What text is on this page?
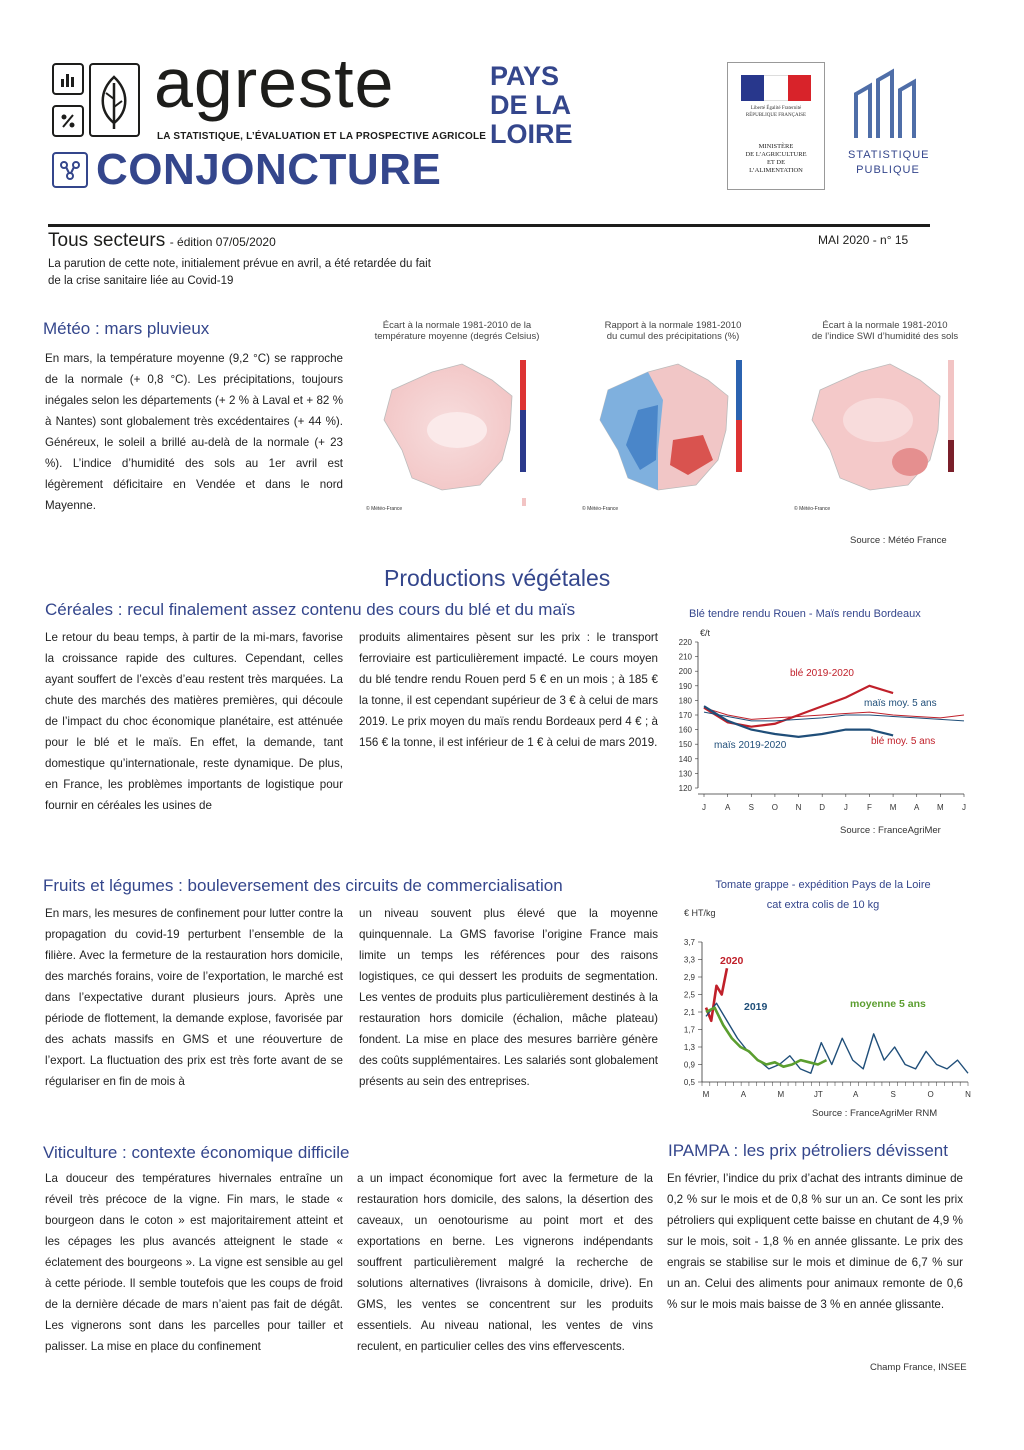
agreste
LA STATISTIQUE, L’ÉVALUATION ET LA PROSPECTIVE AGRICOLE
CONJONCTURE
PAYS
DE LA
LOIRE
Liberté Égalité Fraternité
RÉPUBLIQUE FRANÇAISE
MINISTÈRE
DE L’AGRICULTURE
ET DE
L’ALIMENTATION
STATISTIQUE
PUBLIQUE
Tous secteurs - édition 07/05/2020	MAI 2020 - n° 15
La parution de cette note, initialement prévue en avril, a été retardée du fait
de la crise sanitaire liée au Covid-19
Météo : mars pluvieux
En mars, la température moyenne (9,2 °C) se rapproche de la normale (+ 0,8 °C). Les précipitations, toujours inégales selon les départements (+ 2 % à Laval et + 82 % à Nantes) sont globalement très excédentaires (+ 44 %). Généreux, le soleil a brillé au-delà de la normale (+ 23 %). L’indice d’humidité des sols au 1er avril est légèrement déficitaire en Vendée et dans le nord Mayenne.
Écart à la normale 1981-2010 de la
température moyenne (degrés Celsius)
Rapport à la normale 1981-2010
du cumul des précipitations (%)
Écart à la normale 1981-2010
de l’indice SWI d’humidité des sols
© Météo-France	© Météo-France	© Météo-France
Source : Météo France
Productions végétales
Céréales : recul finalement assez contenu des cours du blé et du maïs
Le retour du beau temps, à partir de la mi-mars, favorise la croissance rapide des cultures. Cependant, celles ayant souffert de l’excès d’eau restent très marquées. La chute des marchés des matières premières, qui découle de l’impact du choc économique planétaire, est atténuée pour le blé et le maïs. En effet, la demande, tant domestique qu’internationale, reste dynamique. De plus, en France, les problèmes importants de logistique pour fournir en céréales les usines de
produits alimentaires pèsent sur les prix : le transport ferroviaire est particulièrement impacté. Le cours moyen du blé tendre rendu Rouen perd 5 € en un mois ; à 185 € la tonne, il est cependant supérieur de 3 € à celui de mars 2019. Le prix moyen du maïs rendu Bordeaux perd 4 € ; à 156 € la tonne, il est inférieur de 1 € à celui de mars 2019.
Blé tendre rendu Rouen - Maïs rendu Bordeaux
€/t
120
130
140
150
160
170
180
190
200
210
220
J A S O N D J F M A M J
blé 2019-2020
maïs moy. 5 ans
maïs 2019-2020	blé moy. 5 ans
Source : FranceAgriMer
Fruits et légumes : bouleversement des circuits de commercialisation
En mars, les mesures de confinement pour lutter contre la propagation du covid-19 perturbent l’ensemble de la filière. Avec la fermeture de la restauration hors domicile, des marchés forains, voire de l’exportation, le marché est dans l’expectative durant plusieurs jours. Après une période de flottement, la demande explose, favorisée par des achats massifs en GMS et une réouverture de l’export. La fluctuation des prix est très forte avant de se régulariser en fin de mois à
un niveau souvent plus élevé que la moyenne quinquennale. La GMS favorise l’origine France mais limite un temps les références pour des raisons logistiques, ce qui dessert les produits de segmentation. Les ventes de produits plus particulièrement destinés à la restauration hors domicile (échalion, mâche plateau) fondent. La mise en place des mesures barrière génère des coûts supplémentaires. Les salariés sont globalement présents au sein des entreprises.
Tomate grappe - expédition Pays de la Loire
cat extra colis de 10 kg
€ HT/kg
0,5
0,9
1,3
1,7
2,1
2,5
2,9
3,3
3,7
M	A	M	JT	A	S	O	N
2020
2019	moyenne 5 ans
Source : FranceAgriMer RNM
Viticulture : contexte économique difficile
La douceur des températures hivernales entraîne un réveil très précoce de la vigne. Fin mars, le stade « bourgeon dans le coton » est majoritairement atteint et les cépages les plus avancés atteignent le stade « éclatement des bourgeons ». La vigne est sensible au gel à cette période. Il semble toutefois que les coups de froid de la dernière décade de mars n’aient pas fait de dégât. Les vignerons sont dans les parcelles pour tailler et palisser. La mise en place du confinement
a un impact économique fort avec la fermeture de la restauration hors domicile, des salons, la désertion des caveaux, un oenotourisme au point mort et des exportations en berne. Les vignerons indépendants souffrent particulièrement malgré la recherche de solutions alternatives (livraisons à domicile, drive). En GMS, les ventes se concentrent sur les produits essentiels. Au niveau national, les ventes de vins reculent, en particulier celles des vins effervescents.
IPAMPA : les prix pétroliers dévissent
En février, l’indice du prix d’achat des intrants diminue de 0,2 % sur le mois et de 0,8 % sur un an. Ce sont les prix pétroliers qui expliquent cette baisse en chutant de 4,9 % sur le mois, soit - 1,8 % en année glissante. Le prix des engrais se stabilise sur le mois et diminue de 6,7 % sur un an. Celui des aliments pour animaux remonte de 0,6 % sur le mois mais baisse de 3 % en année glissante.
Champ France, INSEE
